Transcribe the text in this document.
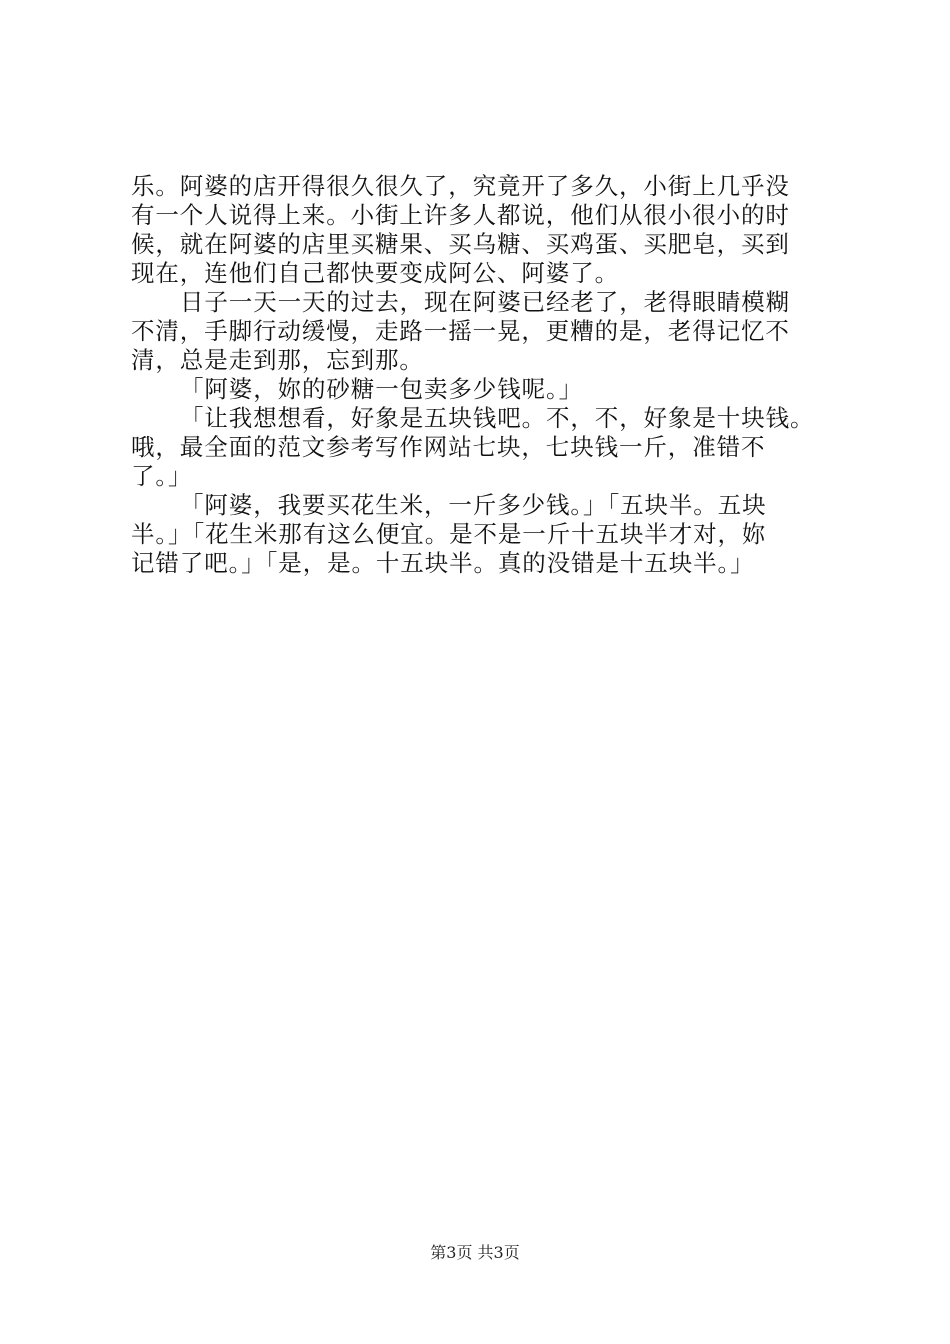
乐。阿婆的店开得很久很久了，究竟开了多久，小街上几乎没
有一个人说得上来。小街上许多人都说，他们从很小很小的时
候，就在阿婆的店里买糖果、买乌糖、买鸡蛋、买肥皂，买到
现在，连他们自己都快要变成阿公、阿婆了。
日子一天一天的过去，现在阿婆已经老了，老得眼睛模糊
不清，手脚行动缓慢，走路一摇一晃，更糟的是，老得记忆不
清，总是走到那，忘到那。
「阿婆，妳的砂糖一包卖多少钱呢。」
「让我想想看，好象是五块钱吧。不，不，好象是十块钱。
哦，最全面的范文参考写作网站七块，七块钱一斤，准错不
了。」
「阿婆，我要买花生米，一斤多少钱。」「五块半。五块
半。」「花生米那有这么便宜。是不是一斤十五块半才对，妳
记错了吧。」「是，是。十五块半。真的没错是十五块半。」
第3页 共3页
